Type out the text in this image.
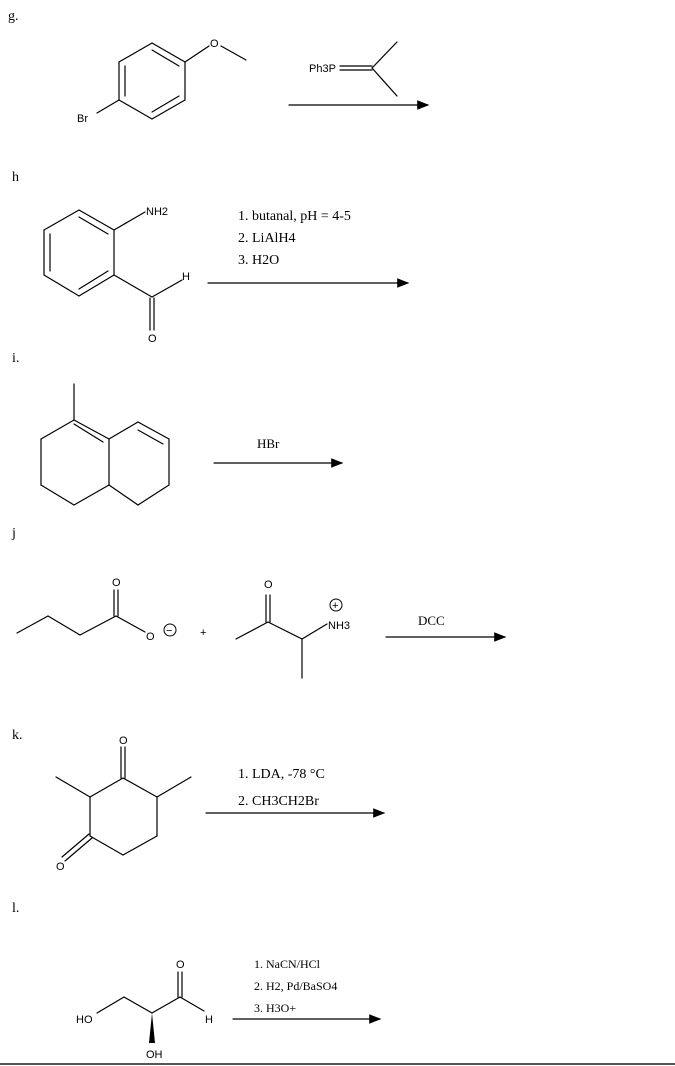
g.
O
Br
Ph3P
h
NH2
H
O
1. butanal, pH = 4-5
2. LiAlH4
3. H2O
i.
HBr
j
O
O −	+
O
+
NH3	DCC
k.	O
O
1. LDA, -78 °C
2. CH3CH2Br
l.
HO
OH
O
H
1. NaCN/HCl
2. H2, Pd/BaSO4
3. H3O+
